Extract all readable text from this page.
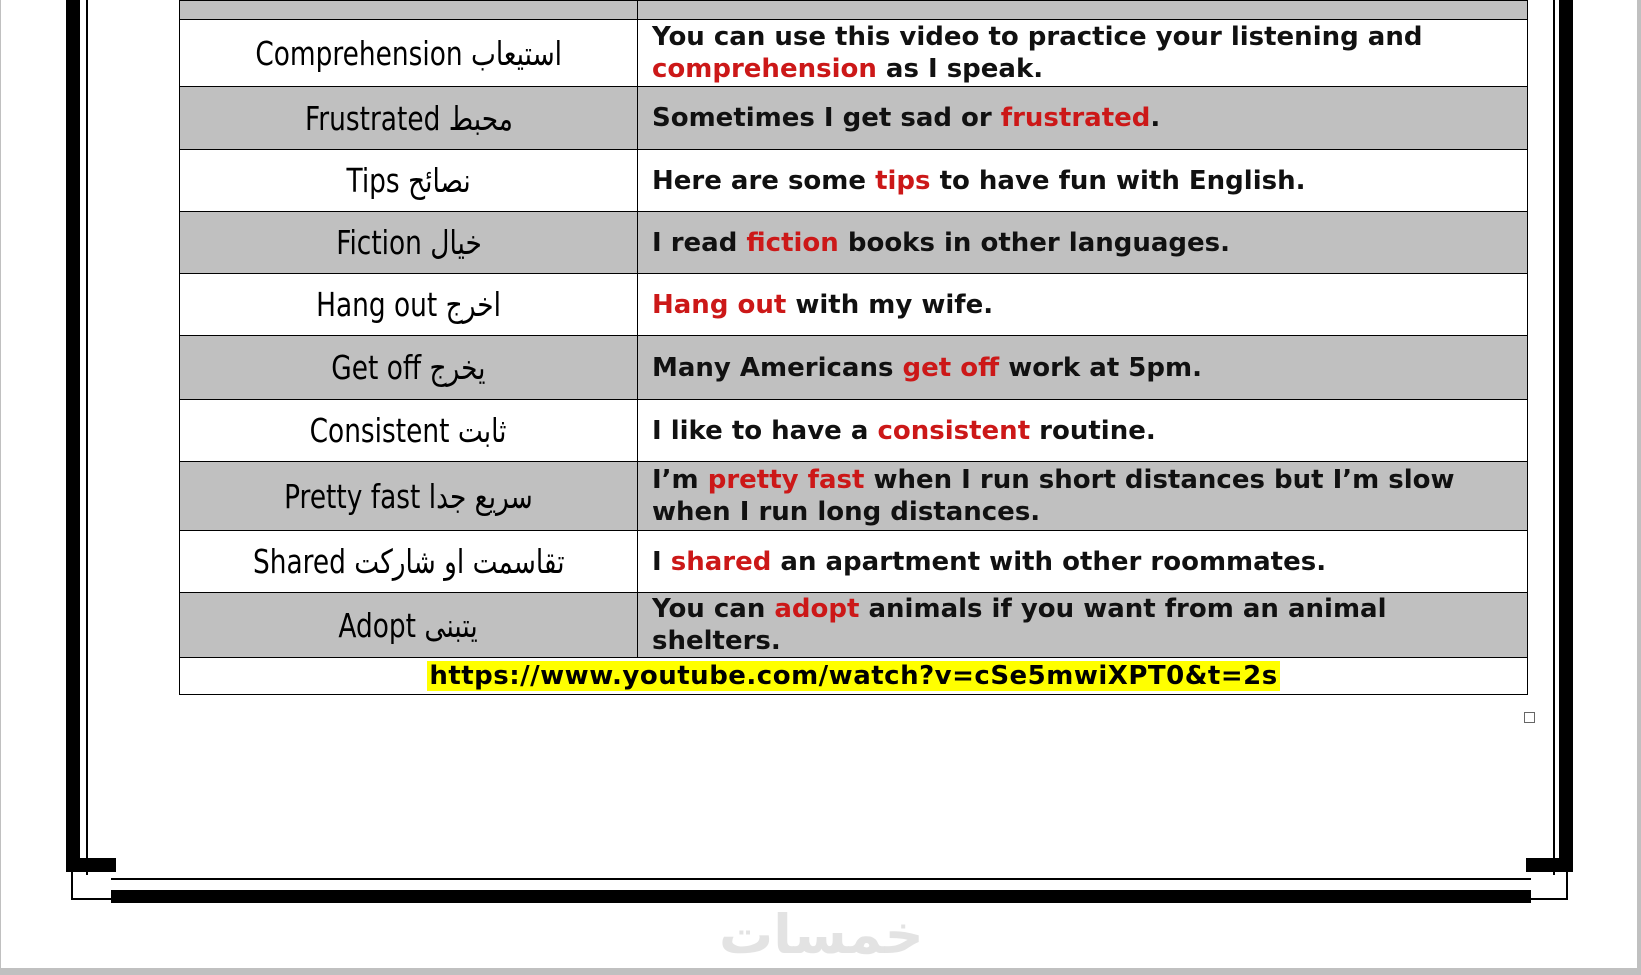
Comprehension استيعاب	You can use this video to practice your listening and comprehension as I speak.
Frustrated محبط	Sometimes I get sad or frustrated.
Tips نصائح	Here are some tips to have fun with English.
Fiction خيال	I read fiction books in other languages.
Hang out اخرج	Hang out with my wife.
Get off يخرج	Many Americans get off work at 5pm.
Consistent ثابت	I like to have a consistent routine.
Pretty fast سريع جدا	I’m pretty fast when I run short distances but I’m slow when I run long distances.
Shared تقاسمت او شاركت	I shared an apartment with other roommates.
Adopt يتبنى	You can adopt animals if you want from an animal shelters.
https://www.youtube.com/watch?v=cSe5mwiXPT0&t=2s	
خمسات
